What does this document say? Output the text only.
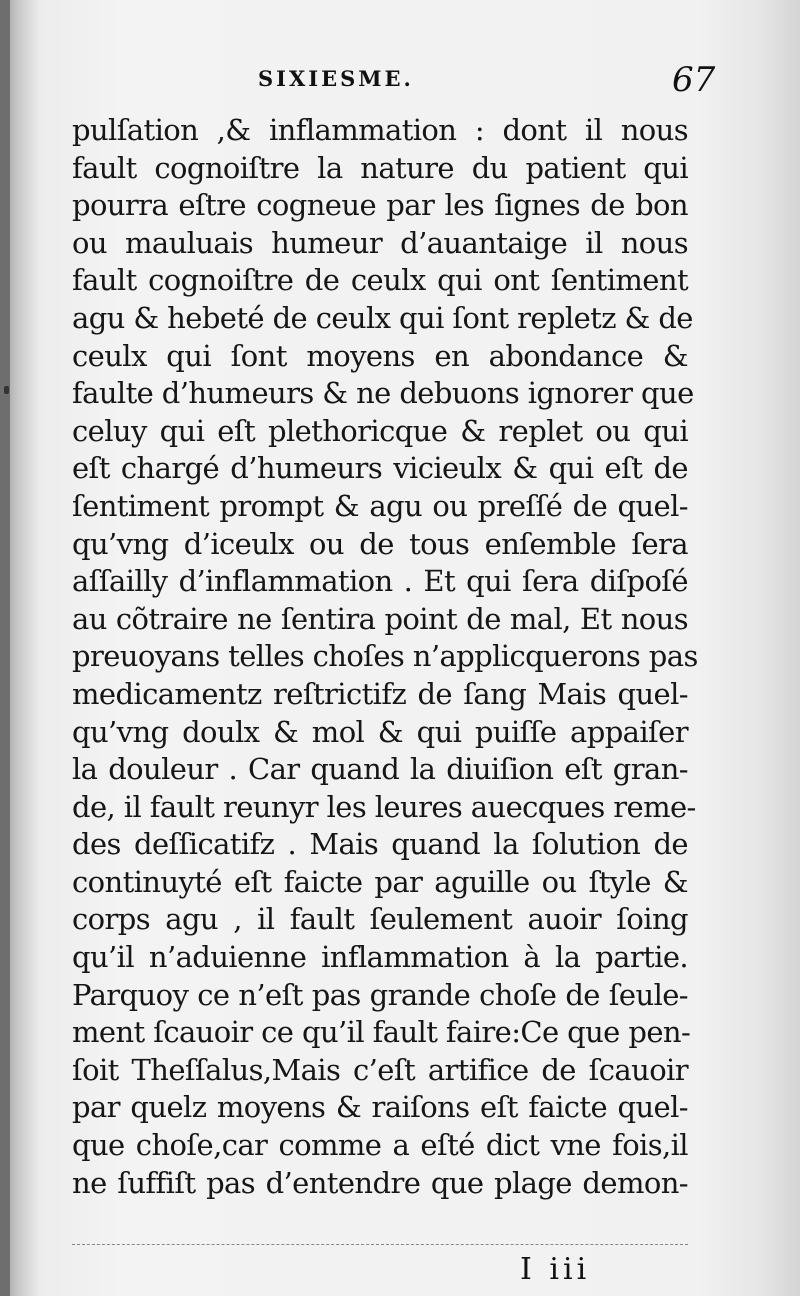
SIXIESME.	67
pulſation ,& inflammation : dont il nous
fault cognoiſtre la nature du patient qui
pourra eſtre cogneue par les ſignes de bon
ou mauluais humeur d’auantaige il nous
fault cognoiſtre de ceulx qui ont ſentiment
agu & hebeté de ceulx qui ſont repletz & de
ceulx qui ſont moyens en abondance &
faulte d’humeurs & ne debuons ignorer que
celuy qui eſt plethoricque & replet ou qui
eſt chargé d’humeurs vicieulx & qui eſt de
ſentiment prompt & agu ou preſſé de quel-
qu’vng d’iceulx ou de tous enſemble ſera
aſſailly d’inflammation . Et qui ſera diſpoſé
au cõtraire ne ſentira point de mal, Et nous
preuoyans telles choſes n’applicquerons pas
medicamentz reſtrictifz de ſang Mais quel-
qu’vng doulx & mol & qui puiſſe appaiſer
la douleur . Car quand la diuiſion eſt gran-
de, il fault reunyr les leures auecques reme-
des deſſicatifz . Mais quand la ſolution de
continuyté eſt faicte par aguille ou ſtyle &
corps agu , il fault ſeulement auoir ſoing
qu’il n’aduienne inflammation à la partie.
Parquoy ce n’eſt pas grande choſe de ſeule-
ment ſcauoir ce qu’il fault faire:Ce que pen-
ſoit Theſſalus,Mais c’eſt artifice de ſcauoir
par quelz moyens & raiſons eſt faicte quel-
que choſe,car comme a eſté dict vne fois,il
ne ſuffiſt pas d’entendre que plage demon-
I iii
